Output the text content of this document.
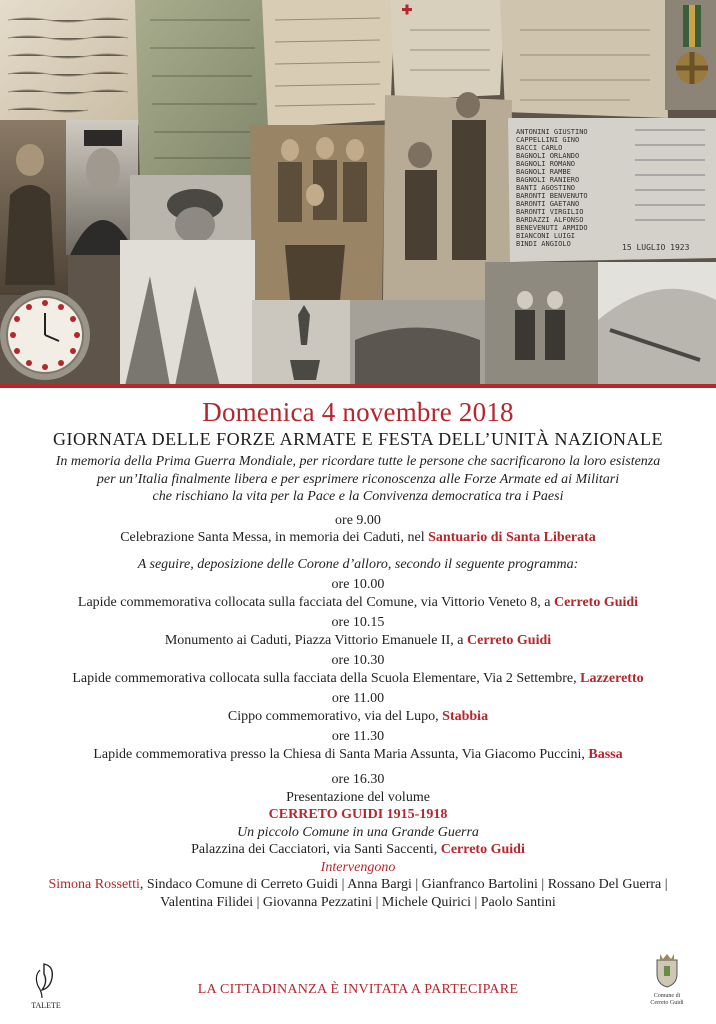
ANTONINI GIUSTINO
CAPPELLINI GINO
BACCI CARLO
BAGNOLI ORLANDO
BAGNOLI ROMANO
BAGNOLI RAMBE
BAGNOLI RANIERO
BANTI AGOSTINO
BARONTI BENVENUTO
BARONTI GAETANO
BARONTI VIRGILIO
BARDAZZI ALFONSO
BENEVENUTI ARMIDO
BIANCONI LUIGI
BINDI ANGIOLO	15 LUGLIO 1923
Domenica 4 novembre 2018
GIORNATA DELLE FORZE ARMATE E FESTA DELL’UNITÀ NAZIONALE
In memoria della Prima Guerra Mondiale, per ricordare tutte le persone che sacrificarono la loro esistenza
per un’Italia finalmente libera e per esprimere riconoscenza alle Forze Armate ed ai Militari
che rischiano la vita per la Pace e la Convivenza democratica tra i Paesi
ore 9.00
Celebrazione Santa Messa, in memoria dei Caduti, nel Santuario di Santa Liberata
A seguire, deposizione delle Corone d’alloro, secondo il seguente programma:
ore 10.00
Lapide commemorativa collocata sulla facciata del Comune, via Vittorio Veneto 8, a Cerreto Guidi
ore 10.15
Monumento ai Caduti, Piazza Vittorio Emanuele II, a Cerreto Guidi
ore 10.30
Lapide commemorativa collocata sulla facciata della Scuola Elementare, Via 2 Settembre, Lazzeretto
ore 11.00
Cippo commemorativo, via del Lupo, Stabbia
ore 11.30
Lapide commemorativa presso la Chiesa di Santa Maria Assunta, Via Giacomo Puccini, Bassa
ore 16.30
Presentazione del volume
CERRETO GUIDI 1915-1918
Un piccolo Comune in una Grande Guerra
Palazzina dei Cacciatori, via Santi Saccenti, Cerreto Guidi
Intervengono
Simona Rossetti, Sindaco Comune di Cerreto Guidi | Anna Bargi | Gianfranco Bartolini | Rossano Del Guerra |
Valentina Filidei | Giovanna Pezzatini | Michele Quirici | Paolo Santini
TALETE
LA CITTADINANZA È INVITATA A PARTECIPARE	Comune di
Cerreto Guidi
